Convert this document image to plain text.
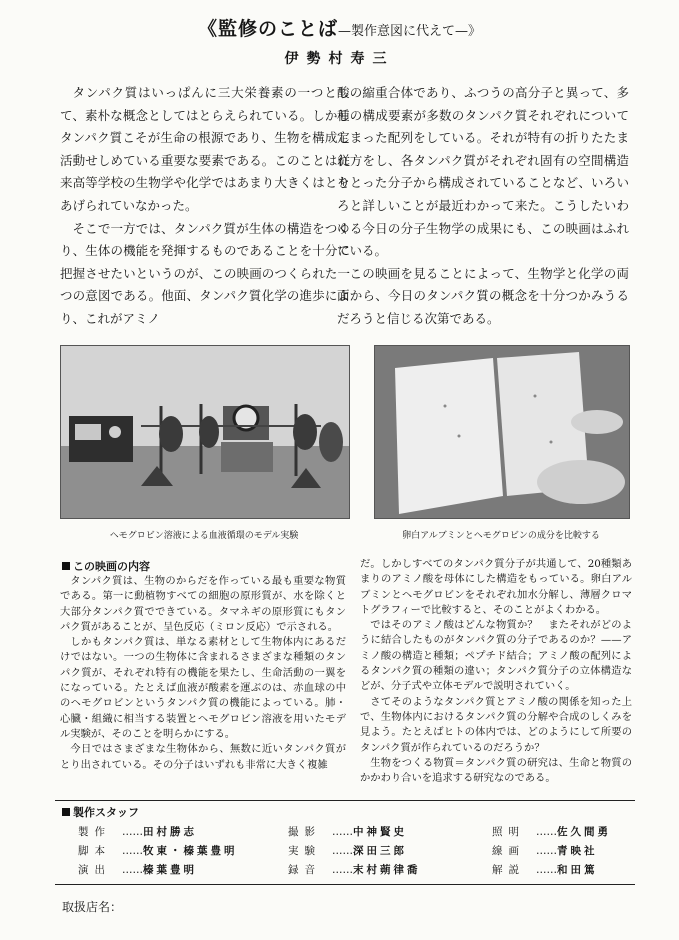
《監修のことば—製作意図に代えて—》
伊勢村寿三

タンパク質はいっぱんに三大栄養素の一つとして、素朴な概念としてはとらえられている。しかしタンパク質こそが生命の根源であり、生物を構成し活動せしめている重要な要素である。このことは従来高等学校の生物学や化学ではあまり大きくはとりあげられていなかった。

そこで一方では、タンパク質が生体の構造をつくり、生体の機能を発揮するものであることを十分に把握させたいというのが、この映画のつくられた一つの意図である。他面、タンパク質化学の進歩により、これがアミノ

酸の縮重合体であり、ふつうの高分子と異って、多種の構成要素が多数のタンパク質それぞれについて定まった配列をしている。それが特有の折りたたまれ方をし、各タンパク質がそれぞれ固有の空間構造をとった分子から構成されていることなど、いろいろと詳しいことが最近わかって来た。こうしたいわゆる今日の分子生物学の成果にも、この映画はふれている。

この映画を見ることによって、生物学と化学の両面から、今日のタンパク質の概念を十分つかみうるだろうと信じる次第である。

ヘモグロビン溶液による血液循環のモデル実験	卵白アルブミンとヘモグロビンの成分を比較する
この映画の内容

タンパク質は、生物のからだを作っている最も重要な物質である。第一に動植物すべての細胞の原形質が、水を除くと大部分タンパク質でできている。タマネギの原形質にもタンパク質があることが、呈色反応（ミロン反応）で示される。

しかもタンパク質は、単なる素材として生物体内にあるだけではない。一つの生物体に含まれるさまざまな種類のタンパク質が、それぞれ特有の機能を果たし、生命活動の一翼をになっている。たとえば血液が酸素を運ぶのは、赤血球の中のヘモグロビンというタンパク質の機能によっている。肺・心臓・組織に相当する装置とヘモグロビン溶液を用いたモデル実験が、そのことを明らかにする。

今日ではさまざまな生物体から、無数に近いタンパク質がとり出されている。その分子はいずれも非常に大きく複雑

だ。しかしすべてのタンパク質分子が共通して、20種類あまりのアミノ酸を母体にした構造をもっている。卵白アルブミンとヘモグロビンをそれぞれ加水分解し、薄層クロマトグラフィーで比較すると、そのことがよくわかる。

ではそのアミノ酸はどんな物質か？　またそれがどのように結合したものがタンパク質の分子であるのか？——アミノ酸の構造と種類；ペプチド結合；アミノ酸の配列によるタンパク質の種類の違い；タンパク質分子の立体構造などが、分子式や立体モデルで説明されていく。

さてそのようなタンパク質とアミノ酸の関係を知った上で、生物体内におけるタンパク質の分解や合成のしくみを見よう。たとえばヒトの体内では、どのようにして所要のタンパク質が作られているのだろうか？

生物をつくる物質＝タンパク質の研究は、生命と物質のかかわり合いを追求する研究なのである。

製作スタッフ
製作 ……田村勝志
脚本 ……牧東・榛葉豊明
演出 ……榛葉豊明
撮影 ……中神賢史
実験 ……深田三郎
録音 ……末村蒴律喬
照明 ……佐久間勇
線画 ……青映社
解説 ……和田篤
取扱店名：
